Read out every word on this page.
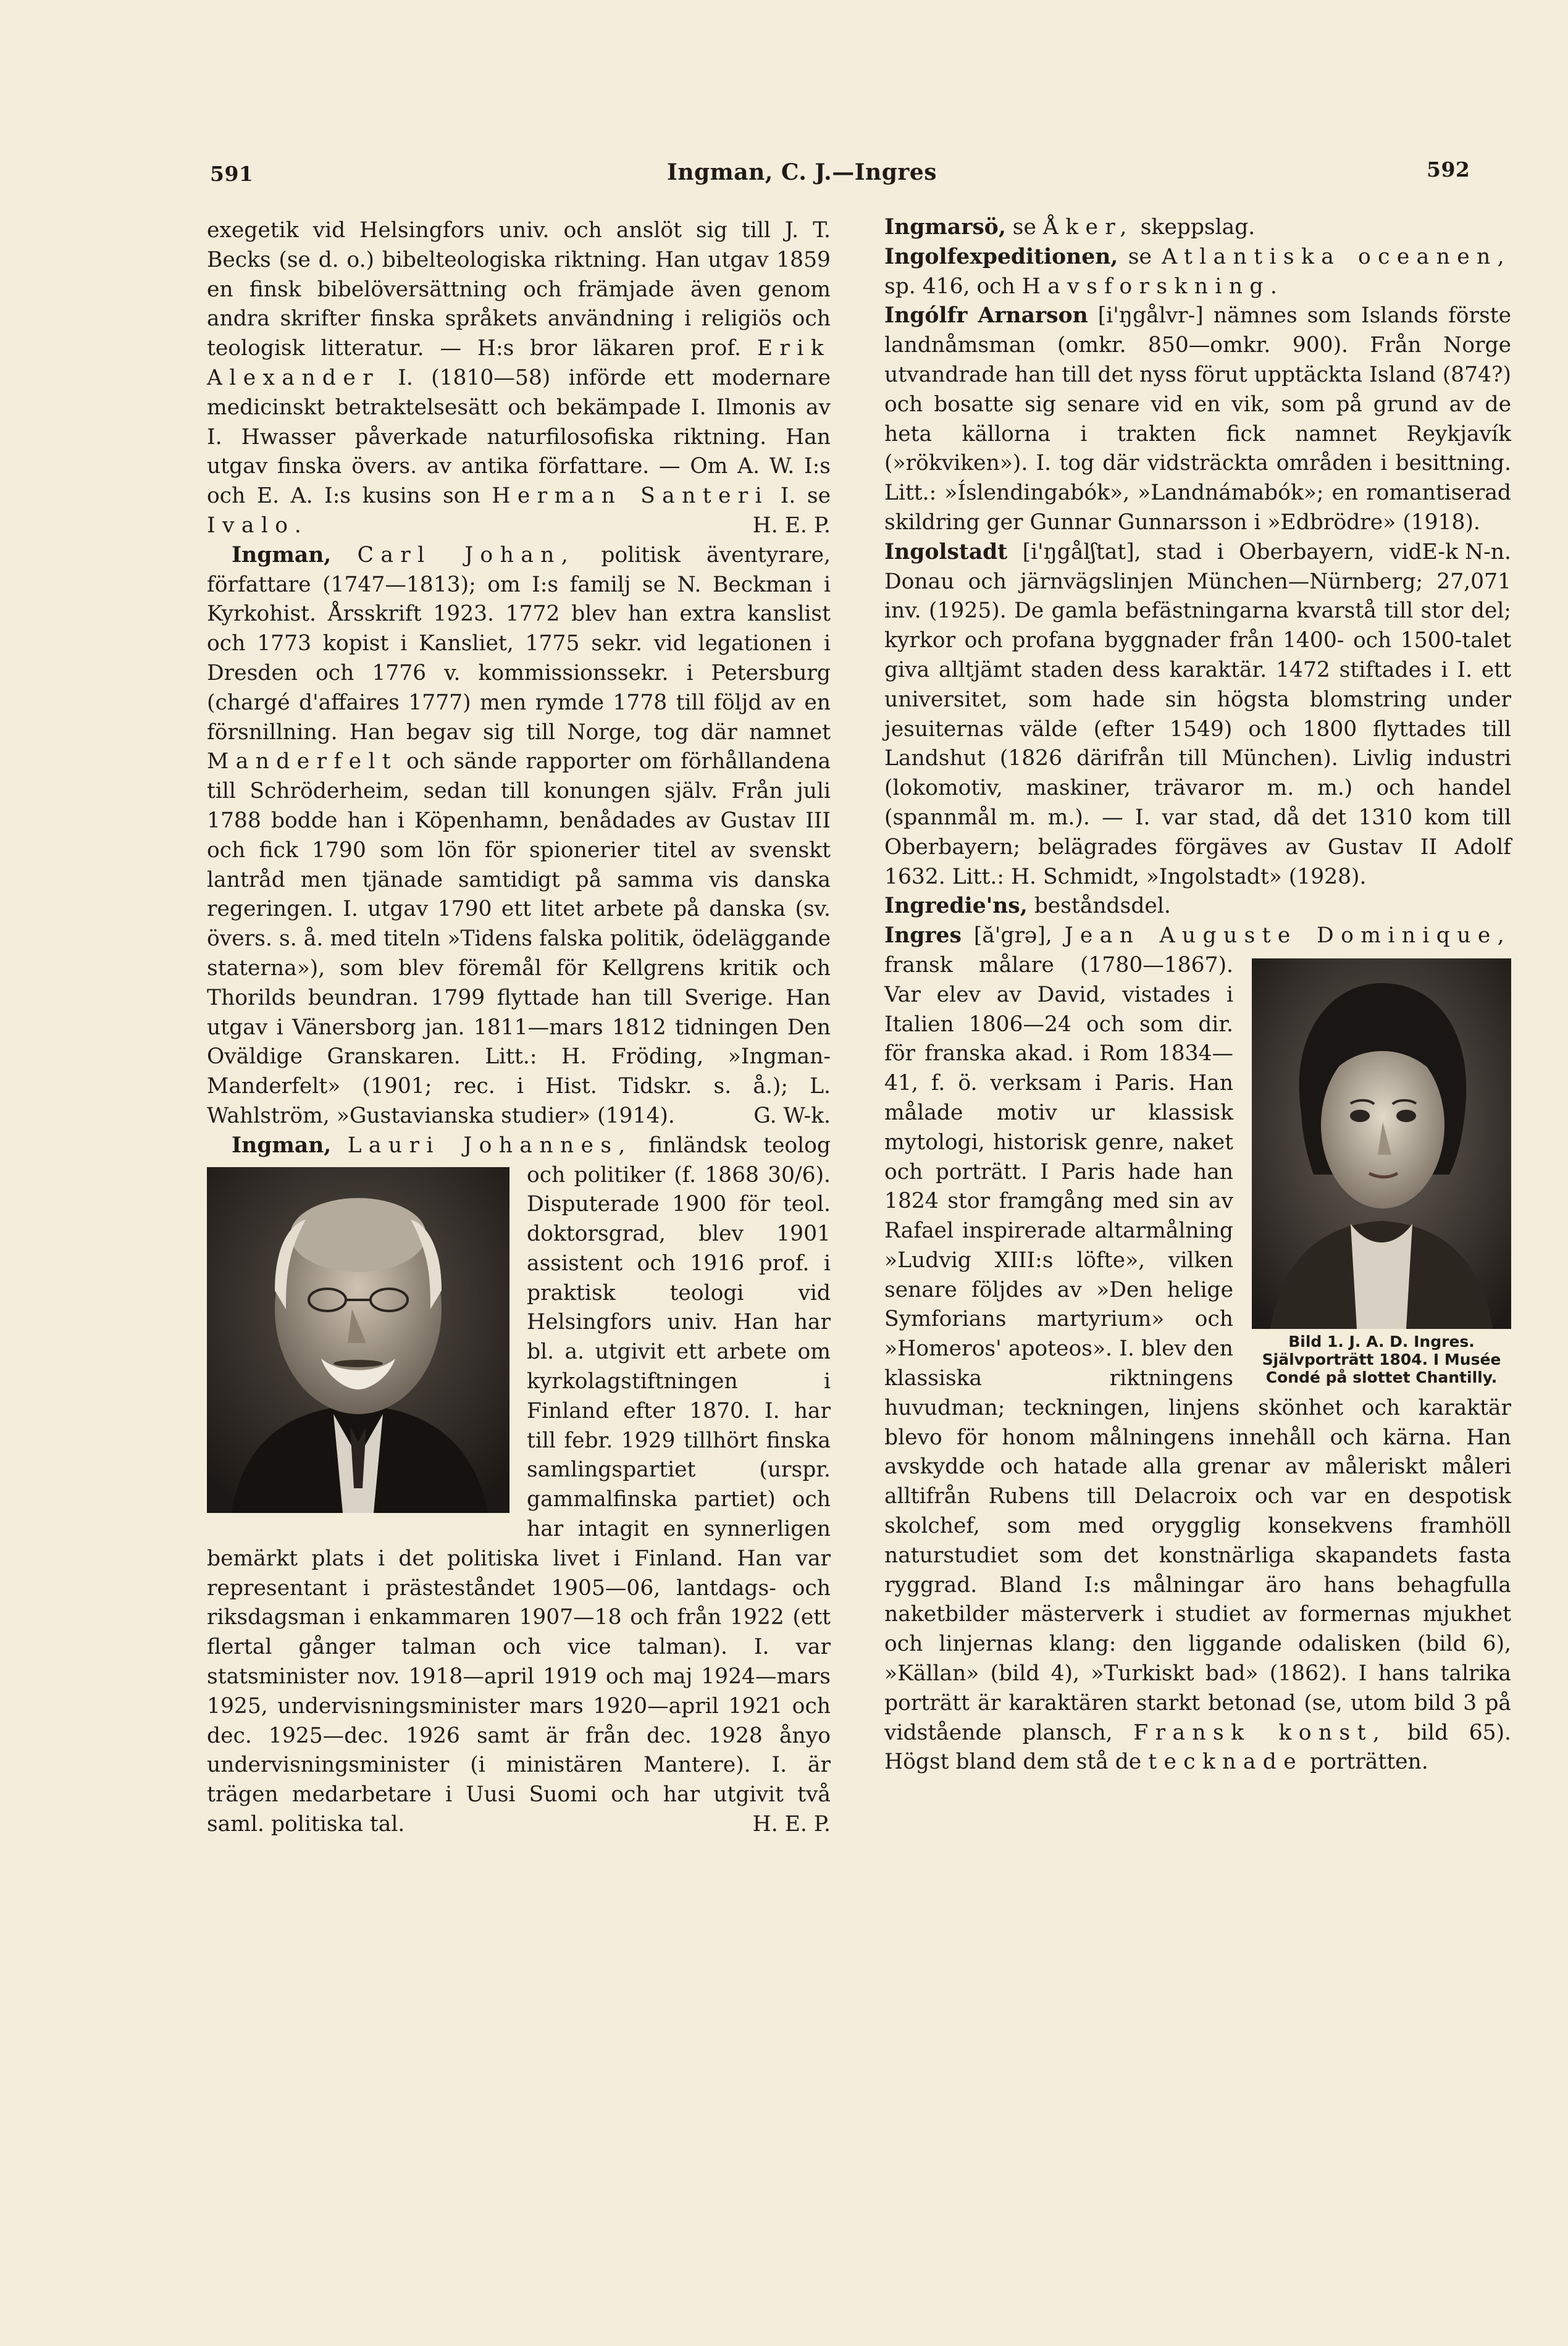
591	Ingman, C. J.—Ingres	592

exegetik vid Helsingfors univ. och anslöt sig till J. T. Becks (se d. o.) bibelteologiska riktning. Han utgav 1859 en finsk bibelöversättning och främjade även genom andra skrifter finska språkets användning i religiös och teologisk litteratur. — H:s bror läkaren prof. Erik Alexander I. (1810—58) införde ett modernare medicinskt betraktelsesätt och bekämpade I. Ilmonis av I. Hwasser påverkade naturfilosofiska riktning. Han utgav finska övers. av antika författare. — Om A. W. I:s och E. A. I:s kusins son Herman Santeri I. se Ivalo.	H. E. P.

Ingman, Carl Johan, politisk äventyrare, författare (1747—1813); om I:s familj se N. Beckman i Kyrkohist. Årsskrift 1923. 1772 blev han extra kanslist och 1773 kopist i Kansliet, 1775 sekr. vid legationen i Dresden och 1776 v. kommissionssekr. i Petersburg (chargé d'affaires 1777) men rymde 1778 till följd av en försnillning. Han begav sig till Norge, tog där namnet Manderfelt och sände rapporter om förhållandena till Schröderheim, sedan till konungen själv. Från juli 1788 bodde han i Köpenhamn, benådades av Gustav III och fick 1790 som lön för spionerier titel av svenskt lantråd men tjänade samtidigt på samma vis danska regeringen. I. utgav 1790 ett litet arbete på danska (sv. övers. s. å. med titeln »Tidens falska politik, ödeläggande staterna»), som blev föremål för Kellgrens kritik och Thorilds beundran. 1799 flyttade han till Sverige. Han utgav i Vänersborg jan. 1811—mars 1812 tidningen Den Oväldige Granskaren. Litt.: H. Fröding, »Ingman-Manderfelt» (1901; rec. i Hist. Tidskr. s. å.); L. Wahlström, »Gustavianska studier» (1914).	G. W-k.

Ingman, Lauri Johannes, finländsk teolog och politiker (f. 1868 30/6). Disputerade 1900 för teol. doktorsgrad, blev 1901 assistent och 1916 prof. i praktisk teologi vid Helsingfors univ. Han har bl. a. utgivit ett arbete om kyrkolagstiftningen i Finland efter 1870. I. har till febr. 1929 tillhört finska samlingspartiet (urspr. gammalfinska partiet) och har intagit en synnerligen bemärkt plats i det politiska livet i Finland. Han var representant i prästeståndet 1905—06, lantdags- och riksdagsman i enkammaren 1907—18 och från 1922 (ett flertal gånger talman och vice talman). I. var statsminister nov. 1918—april 1919 och maj 1924—mars 1925, undervisningsminister mars 1920—april 1921 och dec. 1925—dec. 1926 samt är från dec. 1928 ånyo undervisningsminister (i ministären Mantere). I. är trägen medarbetare i Uusi Suomi och har utgivit två saml. politiska tal.	H. E. P.

Ingmarsö, se Åker, skeppslag.

Ingolfexpeditionen, se Atlantiska oceanen, sp. 416, och Havsforskning.

Ingólfr Arnarson [i'ŋgålvr-] nämnes som Islands förste landnåmsman (omkr. 850—omkr. 900). Från Norge utvandrade han till det nyss förut upptäckta Island (874?) och bosatte sig senare vid en vik, som på grund av de heta källorna i trakten fick namnet Reykjavík (»rökviken»). I. tog där vidsträckta områden i besittning. Litt.: »Íslendingabók», »Landnámabók»; en romantiserad skildring ger Gunnar Gunnarsson i »Edbrödre» (1918).
E-k N-n.

Ingolstadt [i'ŋgålʃtat], stad i Oberbayern, vid Donau och järnvägslinjen München—Nürnberg; 27,071 inv. (1925). De gamla befästningarna kvarstå till stor del; kyrkor och profana byggnader från 1400- och 1500-talet giva alltjämt staden dess karaktär. 1472 stiftades i I. ett universitet, som hade sin högsta blomstring under jesuiternas välde (efter 1549) och 1800 flyttades till Landshut (1826 därifrån till München). Livlig industri (lokomotiv, maskiner, trävaror m. m.) och handel (spannmål m. m.). — I. var stad, då det 1310 kom till Oberbayern; belägrades förgäves av Gustav II Adolf 1632. Litt.: H. Schmidt, »Ingolstadt» (1928).

Ingredie'ns, beståndsdel.

Ingres [ă'grə], Jean Auguste Dominique,
Bild 1. J. A. D. Ingres. Självporträtt 1804. I Musée Condé på slottet Chantilly.
fransk målare (1780—1867). Var elev av David, vistades i Italien 1806—24 och som dir. för franska akad. i Rom 1834—41, f. ö. verksam i Paris. Han målade motiv ur klassisk mytologi, historisk genre, naket och porträtt. I Paris hade han 1824 stor framgång med sin av Rafael inspirerade altarmålning »Ludvig XIII:s löfte», vilken senare följdes av »Den helige Symforians martyrium» och »Homeros' apoteos». I. blev den klassiska riktningens huvudman; teckningen, linjens skönhet och karaktär blevo för honom målningens innehåll och kärna. Han avskydde och hatade alla grenar av måleriskt måleri alltifrån Rubens till Delacroix och var en despotisk skolchef, som med orygglig konsekvens framhöll naturstudiet som det konstnärliga skapandets fasta ryggrad. Bland I:s målningar äro hans behagfulla naketbilder mästerverk i studiet av formernas mjukhet och linjernas klang: den liggande odalisken (bild 6), »Källan» (bild 4), »Turkiskt bad» (1862). I hans talrika porträtt är karaktären starkt betonad (se, utom bild 3 på vidstående plansch, Fransk konst, bild 65). Högst bland dem stå de tecknade porträtten.
